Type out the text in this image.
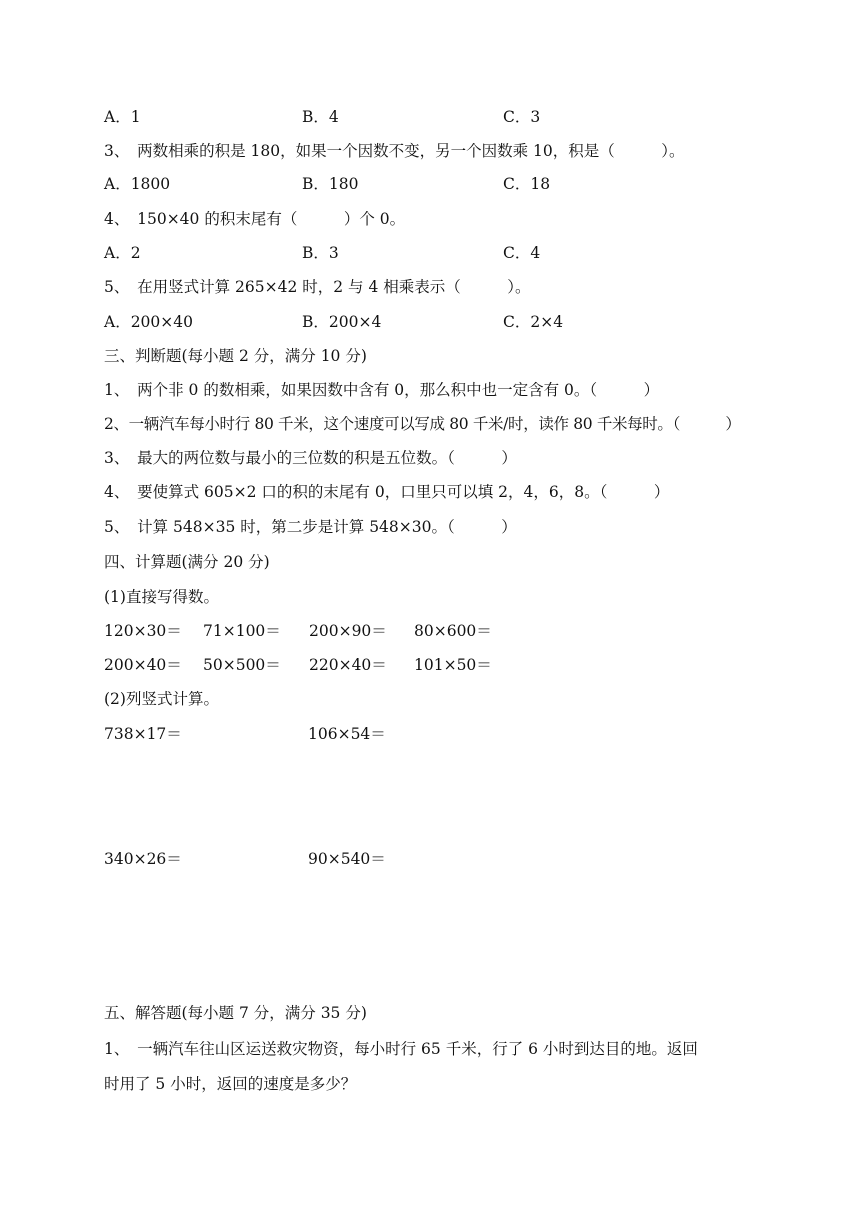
A．1	B．4	C．3
3、　两数相乘的积是 180，如果一个因数不变，另一个因数乘 10，积是（　　　）。
A．1800	B．180	C．18
4、　150×40 的积末尾有（　　　）个 0。
A．2	B．3	C．4
5、　在用竖式计算 265×42 时，2 与 4 相乘表示（　　　）。
A．200×40	B．200×4	C．2×4
三、判断题(每小题 2 分，满分 10 分)
1、　两个非 0 的数相乘，如果因数中含有 0，那么积中也一定含有 0。（　　　）
2、一辆汽车每小时行 80 千米，这个速度可以写成 80 千米/时，读作 80 千米每时。（　　　）
3、　最大的两位数与最小的三位数的积是五位数。（　　　）
4、　要使算式 605×2 口的积的末尾有 0，口里只可以填 2，4，6，8。（　　　）
5、　计算 548×35 时，第二步是计算 548×30。（　　　）
四、计算题(满分 20 分)
(1)直接写得数。
120×30＝ 71×100＝ 200×90＝ 80×600＝
200×40＝ 50×500＝ 220×40＝ 101×50＝
(2)列竖式计算。
738×17＝	106×54＝
340×26＝	90×540＝
五、解答题(每小题 7 分，满分 35 分)
1、　一辆汽车往山区运送救灾物资，每小时行 65 千米，行了 6 小时到达目的地。返回
时用了 5 小时，返回的速度是多少？
